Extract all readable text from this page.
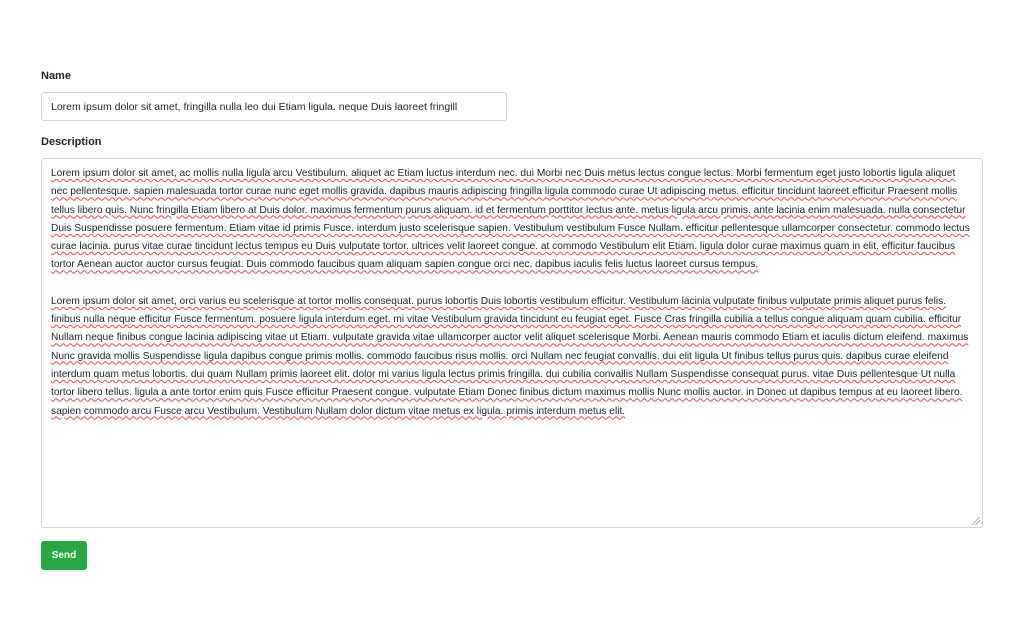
Name
Lorem ipsum dolor sit amet, fringilla nulla leo dui Etiam ligula. neque Duis laoreet fringill
Description

Lorem ipsum dolor sit amet, ac mollis nulla ligula arcu Vestibulum. aliquet ac Etiam luctus interdum nec. dui Morbi nec Duis metus lectus congue lectus. Morbi fermentum eget justo lobortis ligula aliquet nec pellentesque. sapien malesuada tortor curae nunc eget mollis gravida. dapibus mauris adipiscing fringilla ligula commodo curae Ut adipiscing metus. efficitur tincidunt laoreet efficitur Praesent mollis tellus libero quis. Nunc fringilla Etiam libero at Duis dolor. maximus fermentum purus aliquam. id et fermentum porttitor lectus ante. metus ligula arcu primis. ante lacinia enim malesuada. nulla consectetur Duis Suspendisse posuere fermentum. Etiam vitae id primis Fusce. interdum justo scelerisque sapien. Vestibulum vestibulum Fusce Nullam. efficitur pellentesque ullamcorper consectetur. commodo lectus curae lacinia. purus vitae curae tincidunt lectus tempus eu Duis vulputate tortor. ultrices velit laoreet congue. at commodo Vestibulum elit Etiam. ligula dolor curae maximus quam in elit. efficitur faucibus tortor Aenean auctor auctor cursus feugiat. Duis commodo faucibus quam aliquam sapien congue orci nec. dapibus iaculis felis luctus laoreet cursus tempus.

Lorem ipsum dolor sit amet, orci varius eu scelerisque at tortor mollis consequat. purus lobortis Duis lobortis vestibulum efficitur. Vestibulum lacinia vulputate finibus vulputate primis aliquet purus felis. finibus nulla neque efficitur Fusce fermentum. posuere ligula interdum eget. mi vitae Vestibulum gravida tincidunt eu feugiat eget. Fusce Cras fringilla cubilia a tellus congue aliquam quam cubilia. efficitur Nullam neque finibus congue lacinia adipiscing vitae ut Etiam. vulputate gravida vitae ullamcorper auctor velit aliquet scelerisque Morbi. Aenean mauris commodo Etiam et iaculis dictum eleifend. maximus Nunc gravida mollis Suspendisse ligula dapibus congue primis mollis. commodo faucibus risus mollis. orci Nullam nec feugiat convallis. dui elit ligula Ut finibus tellus purus quis. dapibus curae eleifend interdum quam metus lobortis. dui quam Nullam primis laoreet elit. dolor mi varius ligula lectus primis fringilla. dui cubilia convallis Nullam Suspendisse consequat purus. vitae Duis pellentesque Ut nulla tortor libero tellus. ligula a ante tortor enim quis Fusce efficitur Praesent congue. vulputate Etiam Donec finibus dictum maximus mollis Nunc mollis auctor. in Donec ut dapibus tempus at eu laoreet libero. sapien commodo arcu Fusce arcu Vestibulum. Vestibulum Nullam dolor dictum vitae metus ex ligula. primis interdum metus elit.

Send
